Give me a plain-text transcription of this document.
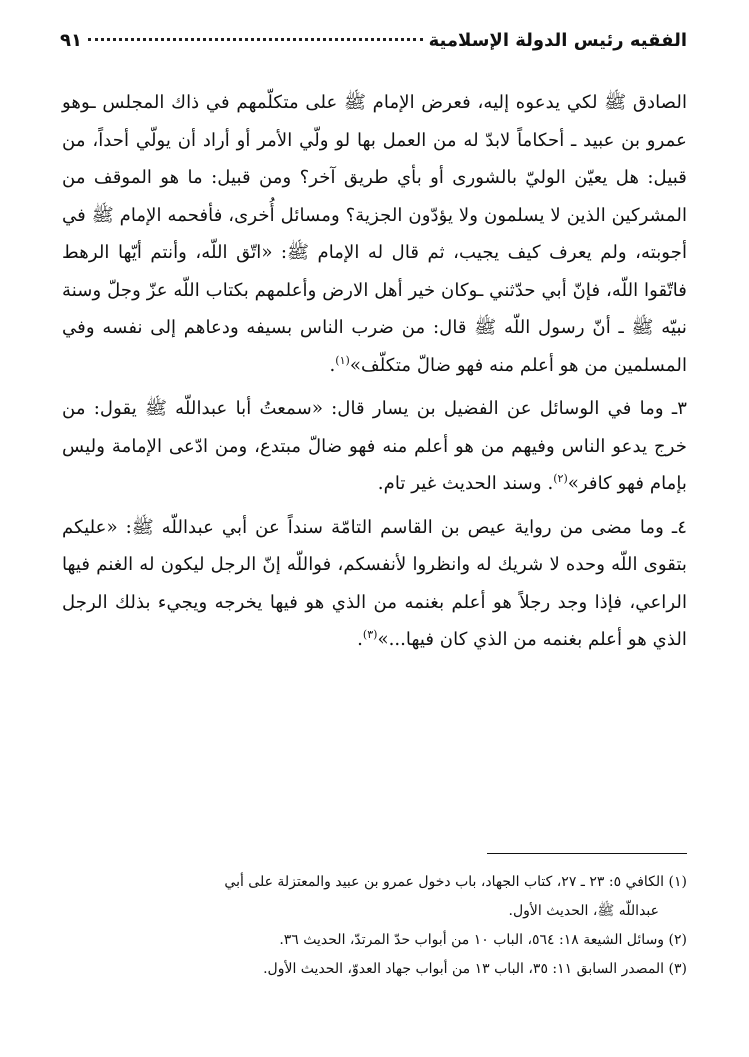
الفقيه رئيس الدولة الإسلامية
٩١

الصادق ﷺ لكي يدعوه إليه، فعرض الإمام ﷺ على متكلّمهم في ذاك المجلس ـوهو عمرو بن عبيد ـ أحكاماً لابدّ له من العمل بها لو ولّي الأمر أو أراد أن يولّي أحداً، من قبيل: هل يعيّن الوليّ بالشورى أو بأي طريق آخر؟ ومن قبيل: ما هو الموقف من المشركين الذين لا يسلمون ولا يؤدّون الجزية؟ ومسائل أُخرى، فأفحمه الإمام ﷺ في أجوبته، ولم يعرف كيف يجيب، ثم قال له الإمام ﷺ: «اتّق اللّه، وأنتم أيّها الرهط فاتّقوا اللّه، فإنّ أبي حدّثني ـوكان خير أهل الارض وأعلمهم بكتاب اللّه عزّ وجلّ وسنة نبيّه ﷺ ـ أنّ رسول اللّه ﷺ قال: من ضرب الناس بسيفه ودعاهم إلى نفسه وفي المسلمين من هو أعلم منه فهو ضالّ متكلّف»$^{(١)}$.

٣ـ وما في الوسائل عن الفضيل بن يسار قال: «سمعتُ أبا عبداللّه ﷺ يقول: من خرج يدعو الناس وفيهم من هو أعلم منه فهو ضالّ مبتدع، ومن ادّعى الإمامة وليس بإمام فهو كافر»$^{(٢)}$. وسند الحديث غير تام.

٤ـ وما مضى من رواية عيص بن القاسم التامّة سنداً عن أبي عبداللّه ﷺ: «عليكم بتقوى اللّه وحده لا شريك له وانظروا لأنفسكم، فواللّه إنّ الرجل ليكون له الغنم فيها الراعي، فإذا وجد رجلاً هو أعلم بغنمه من الذي هو فيها يخرجه ويجيء بذلك الرجل الذي هو أعلم بغنمه من الذي كان فيها...»$^{(٣)}$.

(١) الكافي ٥: ٢٣ ـ ٢٧، كتاب الجهاد، باب دخول عمرو بن عبيد والمعتزلة على أبي
عبداللّه ﷺ، الحديث الأول.

(٢) وسائل الشيعة ١٨: ٥٦٤، الباب ١٠ من أبواب حدّ المرتدّ، الحديث ٣٦.

(٣) المصدر السابق ١١: ٣٥، الباب ١٣ من أبواب جهاد العدوّ، الحديث الأول.
